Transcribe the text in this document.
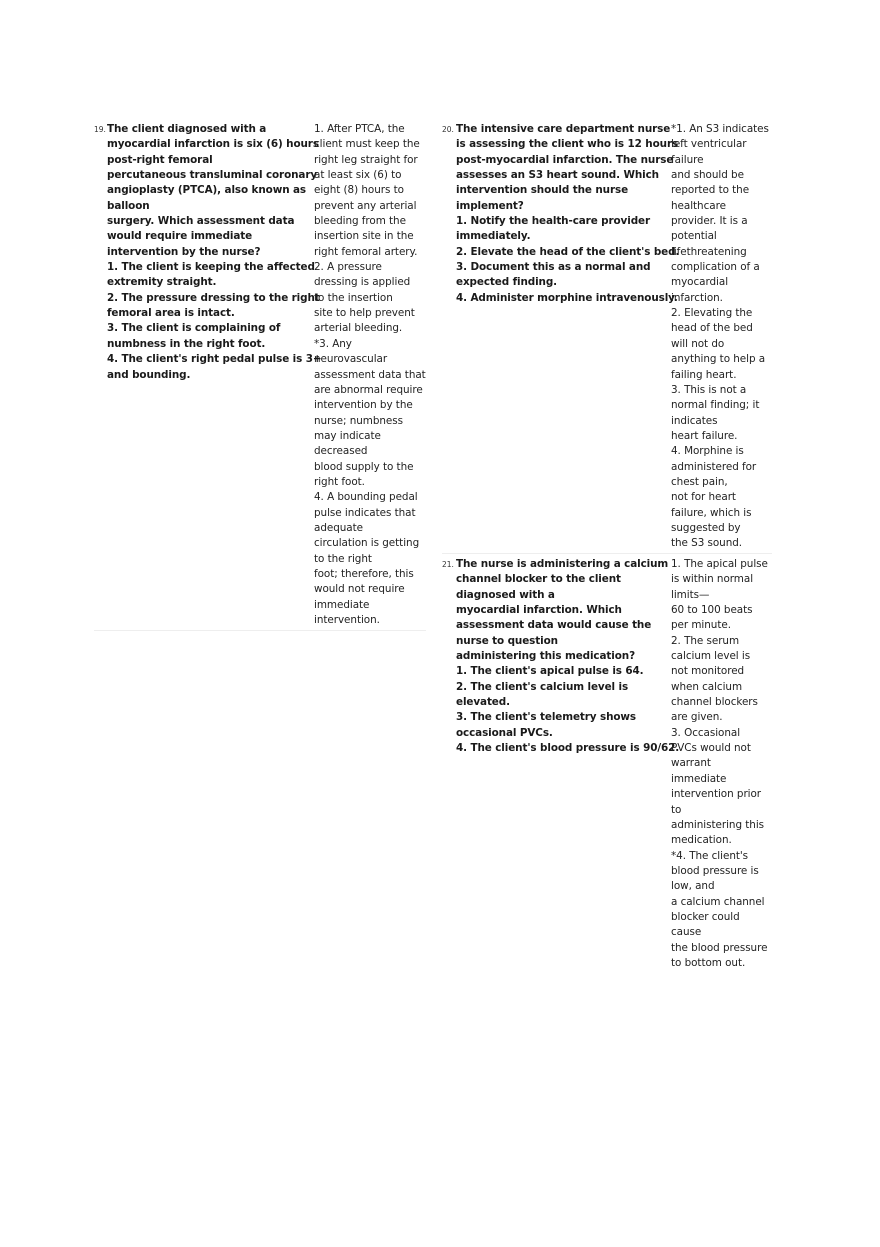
19. The client diagnosed with a
myocardial infarction is six (6) hours
post-right femoral
percutaneous transluminal coronary
angioplasty (PTCA), also known as
balloon
surgery. Which assessment data
would require immediate
intervention by the nurse?
1. The client is keeping the affected
extremity straight.
2. The pressure dressing to the right
femoral area is intact.
3. The client is complaining of
numbness in the right foot.
4. The client's right pedal pulse is 3+
and bounding.
1. After PTCA, the
client must keep the
right leg straight for
at least six (6) to
eight (8) hours to
prevent any arterial
bleeding from the
insertion site in the
right femoral artery.
2. A pressure
dressing is applied
to the insertion
site to help prevent
arterial bleeding.
*3. Any
neurovascular
assessment data that
are abnormal require
intervention by the
nurse; numbness
may indicate
decreased
blood supply to the
right foot.
4. A bounding pedal
pulse indicates that
adequate
circulation is getting
to the right
foot; therefore, this
would not require
immediate
intervention.
20. The intensive care department nurse
is assessing the client who is 12 hours
post-myocardial infarction. The nurse
assesses an S3 heart sound. Which
intervention should the nurse
implement?
1. Notify the health-care provider
immediately.
2. Elevate the head of the client's bed.
3. Document this as a normal and
expected finding.
4. Administer morphine intravenously.
*1. An S3 indicates
left ventricular
failure
and should be
reported to the
healthcare
provider. It is a
potential
lifethreatening
complication of a
myocardial
infarction.
2. Elevating the
head of the bed
will not do
anything to help a
failing heart.
3. This is not a
normal finding; it
indicates
heart failure.
4. Morphine is
administered for
chest pain,
not for heart
failure, which is
suggested by
the S3 sound.
21. The nurse is administering a calcium
channel blocker to the client
diagnosed with a
myocardial infarction. Which
assessment data would cause the
nurse to question
administering this medication?
1. The client's apical pulse is 64.
2. The client's calcium level is
elevated.
3. The client's telemetry shows
occasional PVCs.
4. The client's blood pressure is 90/62.
1. The apical pulse
is within normal
limits—
60 to 100 beats
per minute.
2. The serum
calcium level is
not monitored
when calcium
channel blockers
are given.
3. Occasional
PVCs would not
warrant
immediate
intervention prior
to
administering this
medication.
*4. The client's
blood pressure is
low, and
a calcium channel
blocker could
cause
the blood pressure
to bottom out.
